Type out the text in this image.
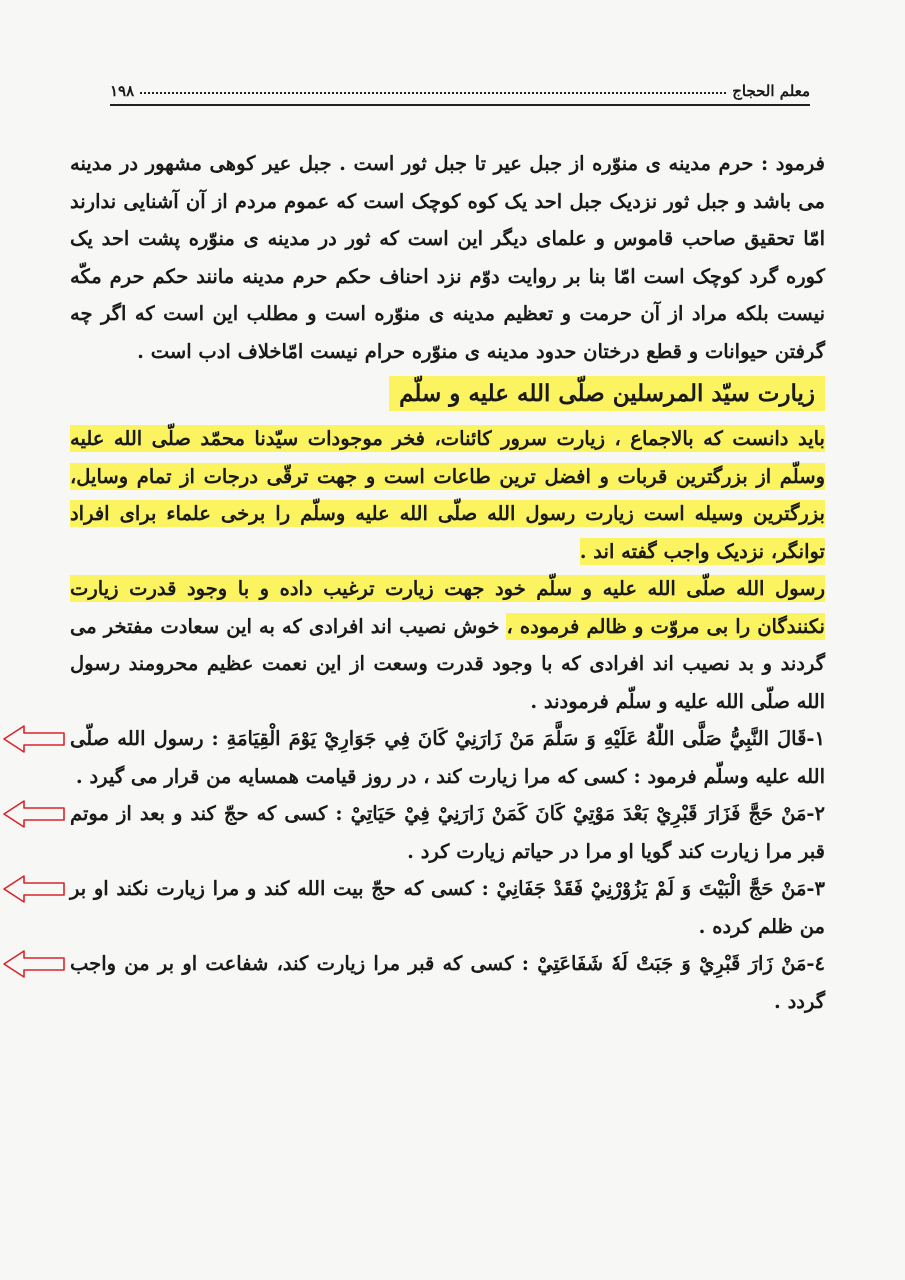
معلم الحجاج
١٩٨

فرمود : حرم مدینه ی منوّره از جبل عیر تا جبل ثور است . جبل عیر کوهی مشهور در مدینه می باشد و جبل ثور نزدیک جبل احد یک کوه کوچک است که عموم مردم از آن آشنایی ندارند امّا تحقیق صاحب قاموس و علمای دیگر این است که ثور در مدینه ی منوّره پشت احد یک کوره گرد کوچک است امّا بنا بر روایت دوّم نزد احناف حکم حرم مدینه مانند حکم حرم مکّه نیست بلکه مراد از آن حرمت و تعظیم مدینه ی منوّره است و مطلب این است که اگر چه گرفتن حیوانات و قطع درختان حدود مدینه ی منوّره حرام نیست امّاخلاف ادب است .

زیارت سیّد المرسلین صلّی الله علیه و سلّم

باید دانست که بالاجماع ، زیارت سرور کائنات، فخر موجودات سیّدنا محمّد صلّی الله علیه وسلّم از بزرگترین قربات و افضل ترین طاعات است و جهت ترقّی درجات از تمام وسایل، بزرگترین وسیله است زیارت رسول الله صلّی الله علیه وسلّم را برخی علماء برای افراد توانگر، نزدیک واجب گفته اند .

رسول الله صلّی الله علیه و سلّم خود جهت زیارت ترغیب داده و با وجود قدرت زیارت نکنندگان را بی مروّت و ظالم فرموده ، خوش نصیب اند افرادی که به این سعادت مفتخر می گردند و بد نصیب اند افرادی که با وجود قدرت وسعت از این نعمت عظیم محرومند رسول الله صلّی الله علیه و سلّم فرمودند .

١-قَالَ النَّبِيُّ صَلَّى اللّٰهُ عَلَيْهِ وَ سَلَّمَ مَنْ زَارَنِيْ كَانَ فِي جَوَارِيْ يَوْمَ الْقِيَامَةِ : رسول الله صلّی الله علیه وسلّم فرمود : کسی که مرا زیارت کند ، در روز قیامت همسایه من قرار می گیرد .

٢-مَنْ حَجَّ فَزَارَ قَبْرِيْ بَعْدَ مَوْتِيْ كَانَ كَمَنْ زَارَنِيْ فِيْ حَيَاتِيْ : کسی که حجّ کند و بعد از موتم قبر مرا زیارت کند گویا او مرا در حیاتم زیارت کرد .

٣-مَنْ حَجَّ الْبَيْتَ وَ لَمْ يَزُوْرْنِيْ فَقَدْ جَفَانِيْ : کسی که حجّ بیت الله کند و مرا زیارت نکند او بر من ظلم کرده .

٤-مَنْ زَارَ قَبْرِيْ وَ جَبَتْ لَهٗ شَفَاعَتِيْ : کسی که قبر مرا زیارت کند، شفاعت او بر من واجب گردد .
